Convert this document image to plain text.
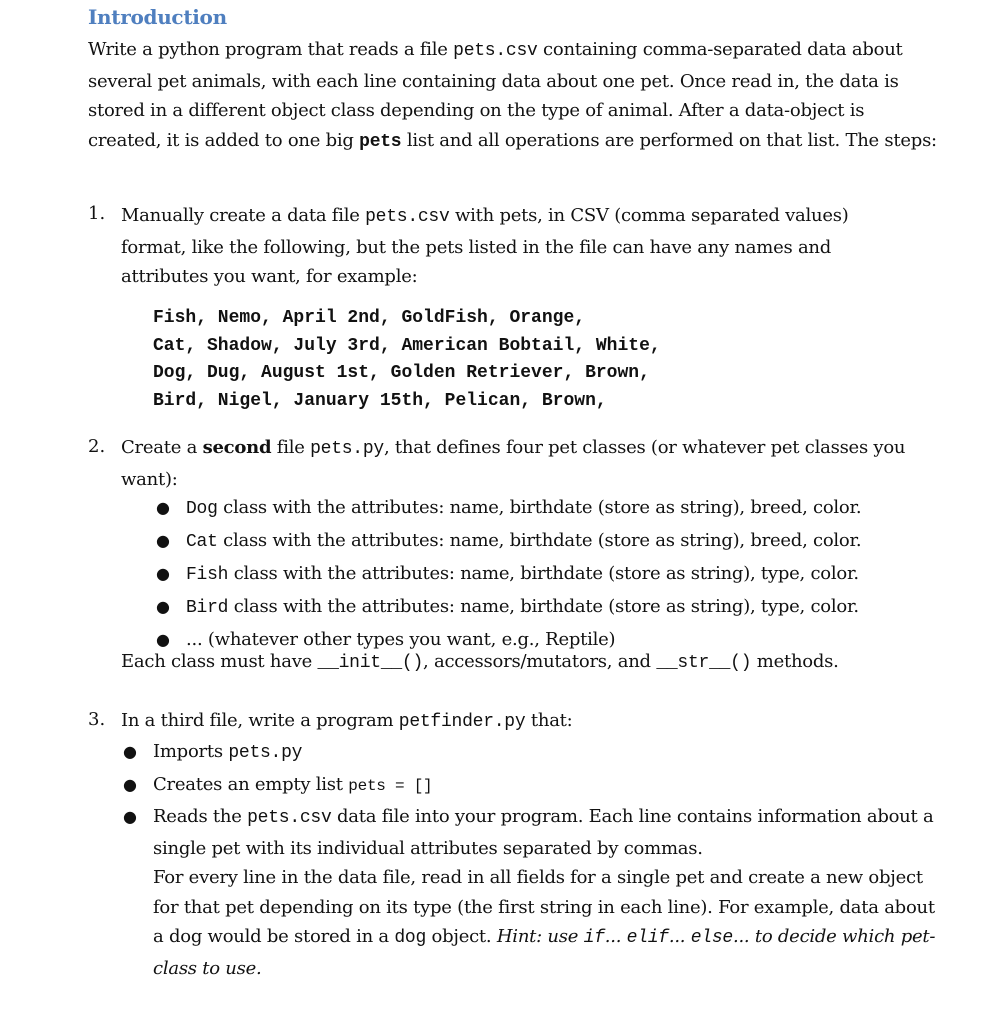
Introduction
Write a python program that reads a file pets.csv containing comma-separated data about several pet animals, with each line containing data about one pet. Once read in, the data is stored in a different object class depending on the type of animal. After a data-object is created, it is added to one big pets list and all operations are performed on that list. The steps:
1. Manually create a data file pets.csv with pets, in CSV (comma separated values) format, like the following, but the pets listed in the file can have any names and attributes you want, for example:
Fish, Nemo, April 2nd, GoldFish, Orange,
Cat, Shadow, July 3rd, American Bobtail, White,
Dog, Dug, August 1st, Golden Retriever, Brown,
Bird, Nigel, January 15th, Pelican, Brown,
2. Create a second file pets.py, that defines four pet classes (or whatever pet classes you want):
● Dog class with the attributes: name, birthdate (store as string), breed, color.
● Cat class with the attributes: name, birthdate (store as string), breed, color.
● Fish class with the attributes: name, birthdate (store as string), type, color.
● Bird class with the attributes: name, birthdate (store as string), type, color.
● ... (whatever other types you want, e.g., Reptile)
Each class must have __init__(), accessors/mutators, and __str__() methods.
3. In a third file, write a program petfinder.py that:
● Imports pets.py
● Creates an empty list pets = []
● Reads the pets.csv data file into your program. Each line contains information about a single pet with its individual attributes separated by commas.
For every line in the data file, read in all fields for a single pet and create a new object for that pet depending on its type (the first string in each line). For example, data about a dog would be stored in a dog object. Hint: use if... elif... else... to decide which pet-class to use.
